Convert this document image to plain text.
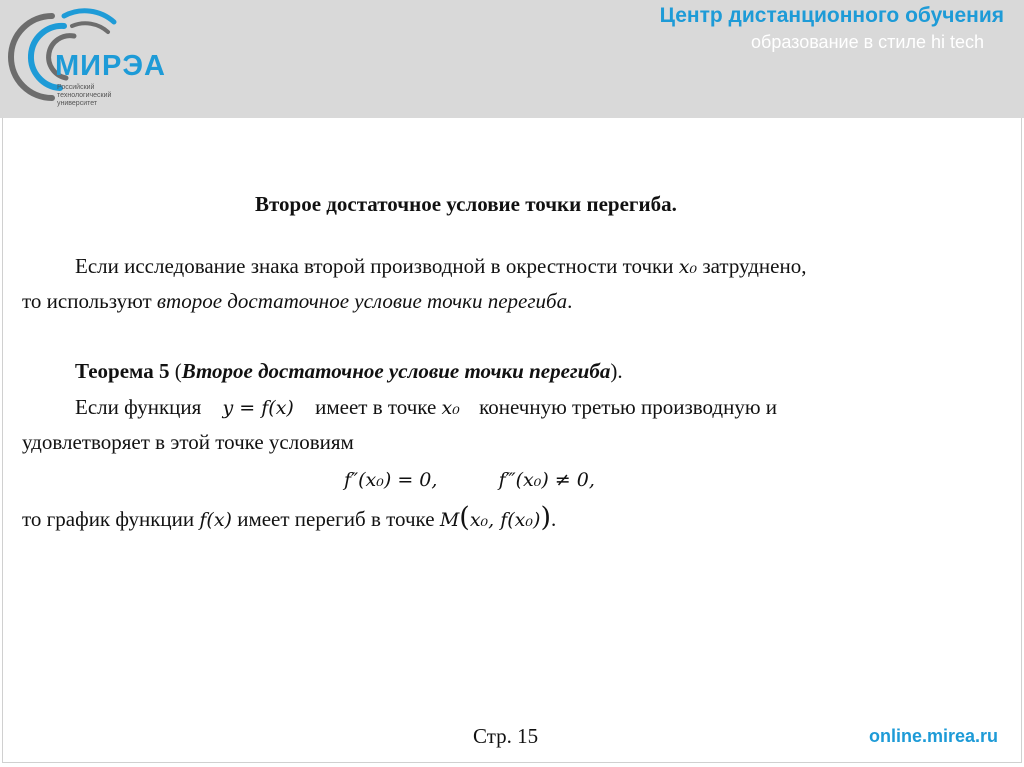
МИРЭА
Российский технологический университет
Центр дистанционного обучения
образование в стиле hi tech
Второе достаточное условие точки перегиба.
Если исследование знака второй производной в окрестности точки x₀ затруднено,
то используют второе достаточное условие точки перегиба.
Теорема 5 (Второе достаточное условие точки перегиба).
Если функция y = f(x) имеет в точке x₀ конечную третью производную и
удовлетворяет в этой точке условиям
f″(x₀) = 0,	f‴(x₀) ≠ 0,
то график функции f(x) имеет перегиб в точке M(x₀, f(x₀)).
Стр. 15	online.mirea.ru
